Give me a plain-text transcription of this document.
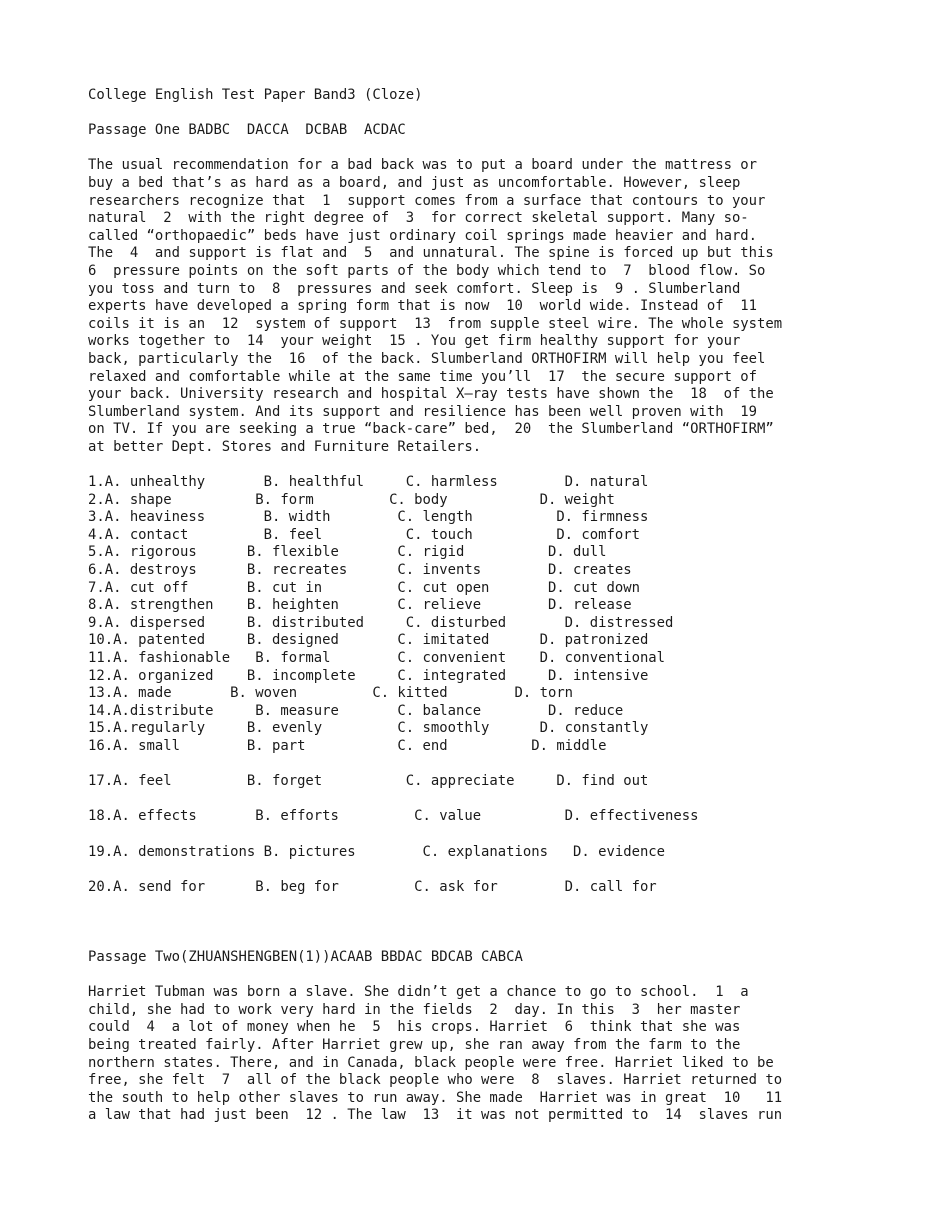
College English Test Paper Band3 (Cloze)
Passage One BADBC  DACCA  DCBAB  ACDAC
The usual recommendation for a bad back was to put a board under the mattress or
buy a bed that’s as hard as a board, and just as uncomfortable. However, sleep
researchers recognize that  1  support comes from a surface that contours to your
natural  2  with the right degree of  3  for correct skeletal support. Many so-
called “orthopaedic” beds have just ordinary coil springs made heavier and hard.
The  4  and support is flat and  5  and unnatural. The spine is forced up but this
6  pressure points on the soft parts of the body which tend to  7  blood flow. So
you toss and turn to  8  pressures and seek comfort. Sleep is  9 . Slumberland
experts have developed a spring form that is now  10  world wide. Instead of  11
coils it is an  12  system of support  13  from supple steel wire. The whole system
works together to  14  your weight  15 . You get firm healthy support for your
back, particularly the  16  of the back. Slumberland ORTHOFIRM will help you feel
relaxed and comfortable while at the same time you’ll  17  the secure support of
your back. University research and hospital X—ray tests have shown the  18  of the
Slumberland system. And its support and resilience has been well proven with  19
on TV. If you are seeking a true “back-care” bed,  20  the Slumberland “ORTHOFIRM”
at better Dept. Stores and Furniture Retailers.
1.A. unhealthy       B. healthful     C. harmless        D. natural
2.A. shape          B. form         C. body           D. weight
3.A. heaviness       B. width        C. length          D. firmness
4.A. contact         B. feel          C. touch          D. comfort
5.A. rigorous      B. flexible       C. rigid          D. dull
6.A. destroys      B. recreates      C. invents        D. creates
7.A. cut off       B. cut in         C. cut open       D. cut down
8.A. strengthen    B. heighten       C. relieve        D. release
9.A. dispersed     B. distributed     C. disturbed       D. distressed
10.A. patented     B. designed       C. imitated      D. patronized
11.A. fashionable   B. formal        C. convenient    D. conventional
12.A. organized    B. incomplete     C. integrated     D. intensive
13.A. made       B. woven         C. kitted        D. torn
14.A.distribute     B. measure       C. balance        D. reduce
15.A.regularly     B. evenly         C. smoothly      D. constantly
16.A. small        B. part           C. end          D. middle
17.A. feel         B. forget          C. appreciate     D. find out
18.A. effects       B. efforts         C. value          D. effectiveness
19.A. demonstrations B. pictures        C. explanations   D. evidence
20.A. send for      B. beg for         C. ask for        D. call for
Passage Two(ZHUANSHENGBEN(1))ACAAB BBDAC BDCAB CABCA
Harriet Tubman was born a slave. She didn’t get a chance to go to school.  1  a
child, she had to work very hard in the fields  2  day. In this  3  her master
could  4  a lot of money when he  5  his crops. Harriet  6  think that she was
being treated fairly. After Harriet grew up, she ran away from the farm to the
northern states. There, and in Canada, black people were free. Harriet liked to be
free, she felt  7  all of the black people who were  8  slaves. Harriet returned to
the south to help other slaves to run away. She made  Harriet was in great  10   11
a law that had just been  12 . The law  13  it was not permitted to  14  slaves run
